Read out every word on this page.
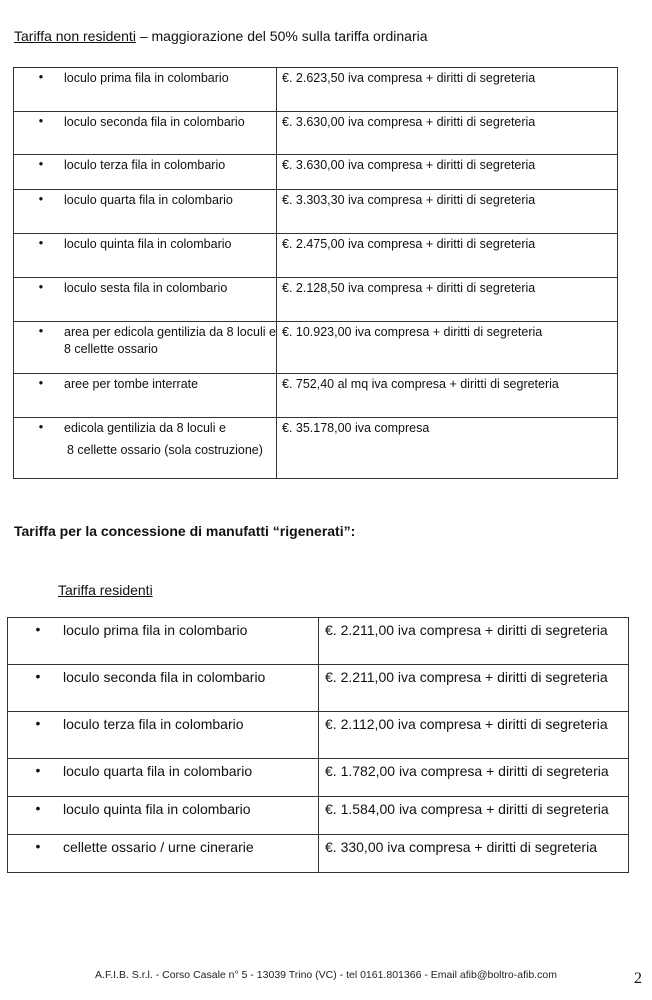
Tariffa non residenti – maggiorazione del 50% sulla tariffa ordinaria
• loculo prima fila in colombario	€. 2.623,50 iva compresa + diritti di segreteria

• loculo seconda fila in colombario	€. 3.630,00 iva compresa + diritti di segreteria

• loculo terza fila in colombario	€. 3.630,00 iva compresa + diritti di segreteria

• loculo quarta fila in colombario	€. 3.303,30 iva compresa + diritti di segreteria

• loculo quinta fila in colombario	€. 2.475,00 iva compresa + diritti di segreteria

• loculo sesta fila in colombario	€. 2.128,50 iva compresa + diritti di segreteria

• area per edicola gentilizia da 8 loculi e 8 cellette ossario	€. 10.923,00 iva compresa + diritti di segreteria

• aree per tombe interrate	€. 752,40 al mq iva compresa + diritti di segreteria

• edicola gentilizia da 8 loculi e
8 cellette ossario (sola costruzione)	€. 35.178,00 iva compresa
Tariffa per la concessione di manufatti “rigenerati”:
Tariffa residenti
• loculo prima fila in colombario	€. 2.211,00 iva compresa + diritti di segreteria

• loculo seconda fila in colombario	€. 2.211,00 iva compresa + diritti di segreteria

• loculo terza fila in colombario	€. 2.112,00 iva compresa + diritti di segreteria

• loculo quarta fila in colombario	€. 1.782,00 iva compresa + diritti di segreteria

• loculo quinta fila in colombario	€. 1.584,00 iva compresa + diritti di segreteria

• cellette ossario / urne cinerarie	€. 330,00 iva compresa + diritti di segreteria
A.F.I.B. S.r.l. - Corso Casale n° 5 - 13039 Trino (VC) - tel 0161.801366 - Email afib@boltro-afib.com	2
